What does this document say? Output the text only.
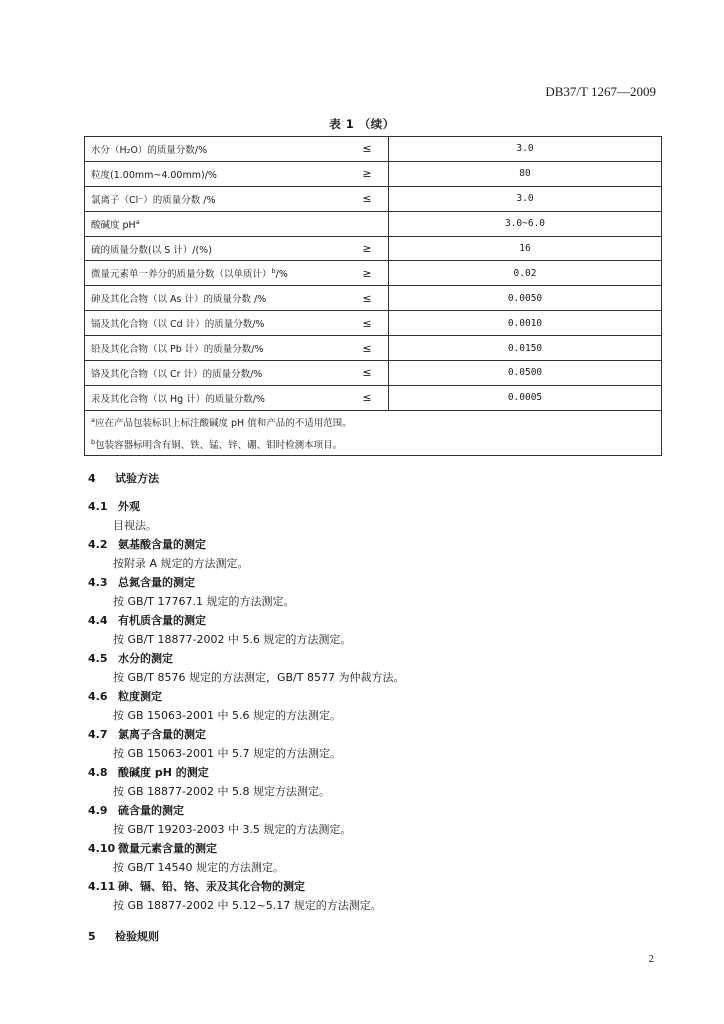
DB37/T 1267—2009
表 1 （续）
水分（H₂O）的质量分数/%	≤	3.0
粒度(1.00mm~4.00mm)/%	≥	80
氯离子（Cl⁻）的质量分数 /%	≤	3.0
酸碱度 $pH^a$		3.0~6.0
硫的质量分数(以 S 计）/(%)	≥	16
微量元素单一养分的质量分数（以单质计）$^b$/%	≥	0.02
砷及其化合物（以 As 计）的质量分数 /%	≤	0.0050
镉及其化合物（以 Cd 计）的质量分数/%	≤	0.0010
铅及其化合物（以 Pb 计）的质量分数/%	≤	0.0150
铬及其化合物（以 Cr 计）的质量分数/%	≤	0.0500
汞及其化合物（以 Hg 计）的质量分数/%	≤	0.0005
$^a$应在产品包装标识上标注酸碱度 pH 值和产品的不适用范围。		
$^b$包装容器标明含有铜、铁、锰、锌、硼、钼时检测本项目。		
4 试验方法
4.1 外观
目视法。
4.2 氨基酸含量的测定
按附录 A 规定的方法测定。
4.3 总氮含量的测定
按 GB/T 17767.1 规定的方法测定。
4.4 有机质含量的测定
按 GB/T 18877-2002 中 5.6 规定的方法测定。
4.5 水分的测定
按 GB/T 8576 规定的方法测定，GB/T 8577 为仲裁方法。
4.6 粒度测定
按 GB 15063-2001 中 5.6 规定的方法测定。
4.7 氯离子含量的测定
按 GB 15063-2001 中 5.7 规定的方法测定。
4.8 酸碱度 pH 的测定
按 GB 18877-2002 中 5.8 规定方法测定。
4.9 硫含量的测定
按 GB/T 19203-2003 中 3.5 规定的方法测定。
4.10 微量元素含量的测定
按 GB/T 14540 规定的方法测定。
4.11 砷、镉、铅、铬、汞及其化合物的测定
按 GB 18877-2002 中 5.12~5.17 规定的方法测定。
5 检验规则
2
